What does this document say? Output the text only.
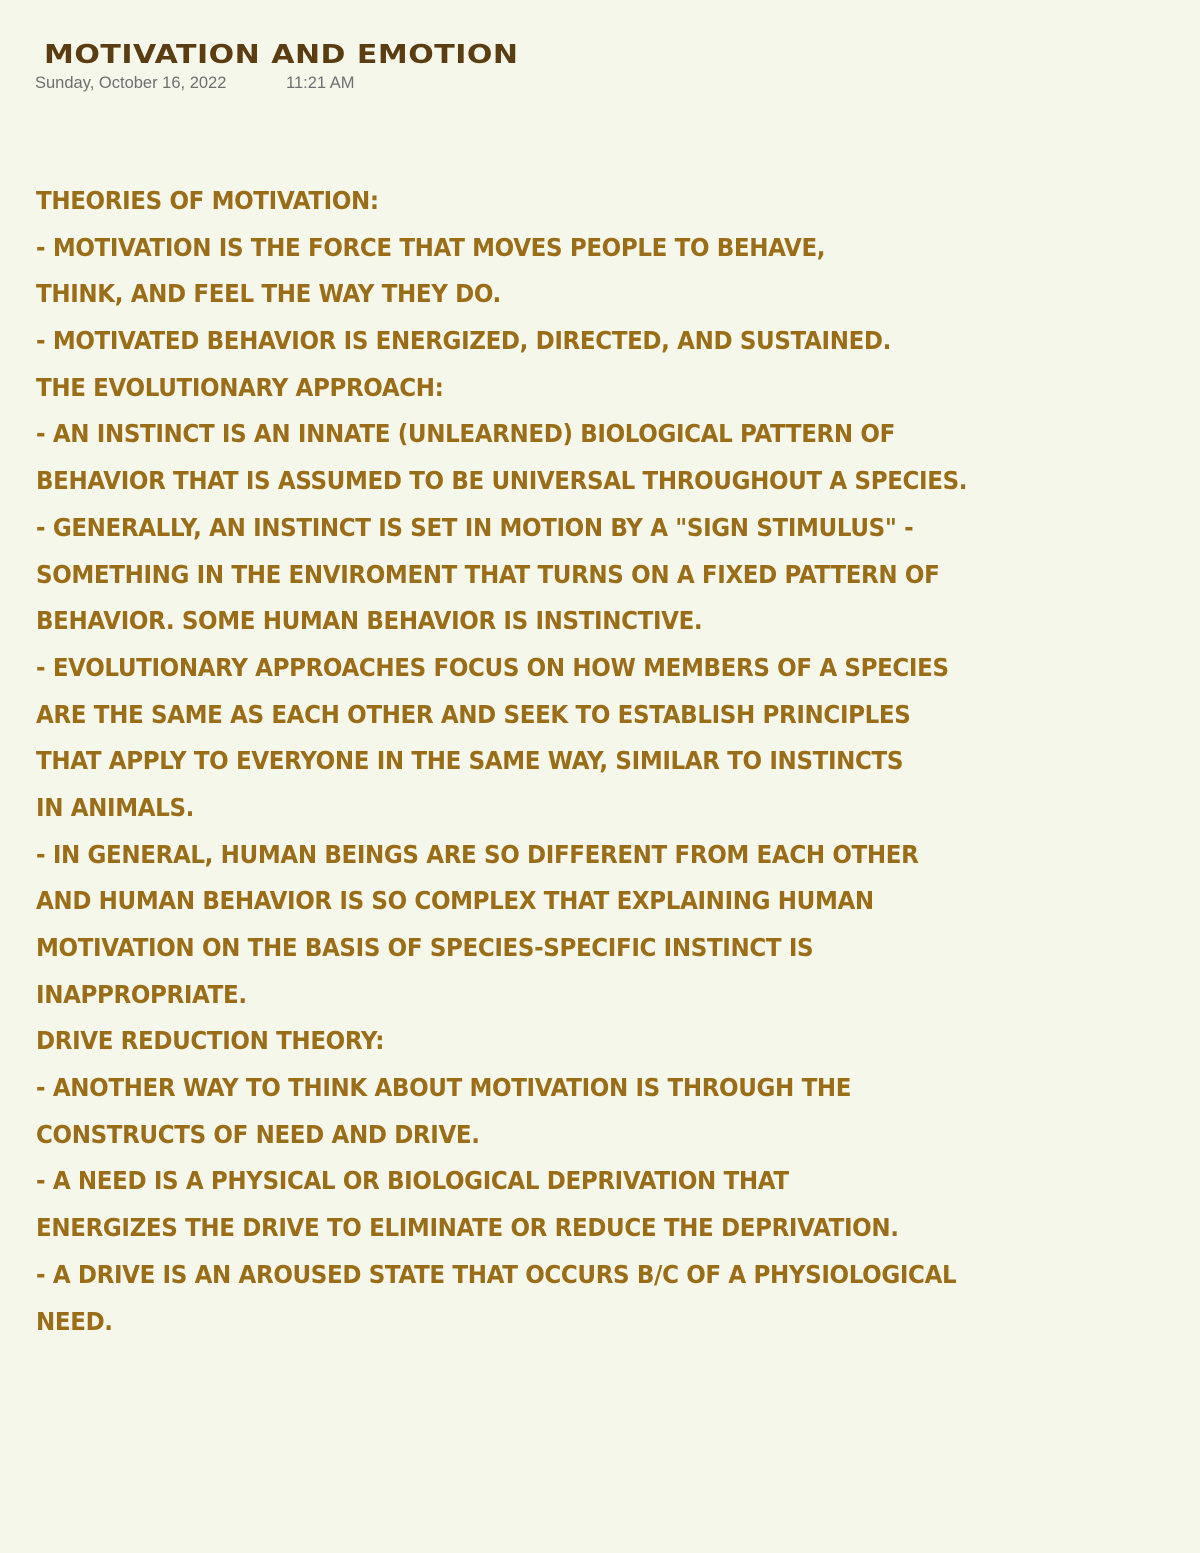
MOTIVATION AND EMOTION
Sunday, October 16, 2022	11:21 AM
THEORIES OF MOTIVATION:
- MOTIVATION IS THE FORCE THAT MOVES PEOPLE TO BEHAVE,
THINK, AND FEEL THE WAY THEY DO.
- MOTIVATED BEHAVIOR IS ENERGIZED, DIRECTED, AND SUSTAINED.
THE EVOLUTIONARY APPROACH:
- AN INSTINCT IS AN INNATE (UNLEARNED) BIOLOGICAL PATTERN OF
BEHAVIOR THAT IS ASSUMED TO BE UNIVERSAL THROUGHOUT A SPECIES.
- GENERALLY, AN INSTINCT IS SET IN MOTION BY A "SIGN STIMULUS" -
SOMETHING IN THE ENVIROMENT THAT TURNS ON A FIXED PATTERN OF
BEHAVIOR. SOME HUMAN BEHAVIOR IS INSTINCTIVE.
- EVOLUTIONARY APPROACHES FOCUS ON HOW MEMBERS OF A SPECIES
ARE THE SAME AS EACH OTHER AND SEEK TO ESTABLISH PRINCIPLES
THAT APPLY TO EVERYONE IN THE SAME WAY, SIMILAR TO INSTINCTS
IN ANIMALS.
- IN GENERAL, HUMAN BEINGS ARE SO DIFFERENT FROM EACH OTHER
AND HUMAN BEHAVIOR IS SO COMPLEX THAT EXPLAINING HUMAN
MOTIVATION ON THE BASIS OF SPECIES-SPECIFIC INSTINCT IS
INAPPROPRIATE.
DRIVE REDUCTION THEORY:
- ANOTHER WAY TO THINK ABOUT MOTIVATION IS THROUGH THE
CONSTRUCTS OF NEED AND DRIVE.
- A NEED IS A PHYSICAL OR BIOLOGICAL DEPRIVATION THAT
ENERGIZES THE DRIVE TO ELIMINATE OR REDUCE THE DEPRIVATION.
- A DRIVE IS AN AROUSED STATE THAT OCCURS B/C OF A PHYSIOLOGICAL
NEED.
